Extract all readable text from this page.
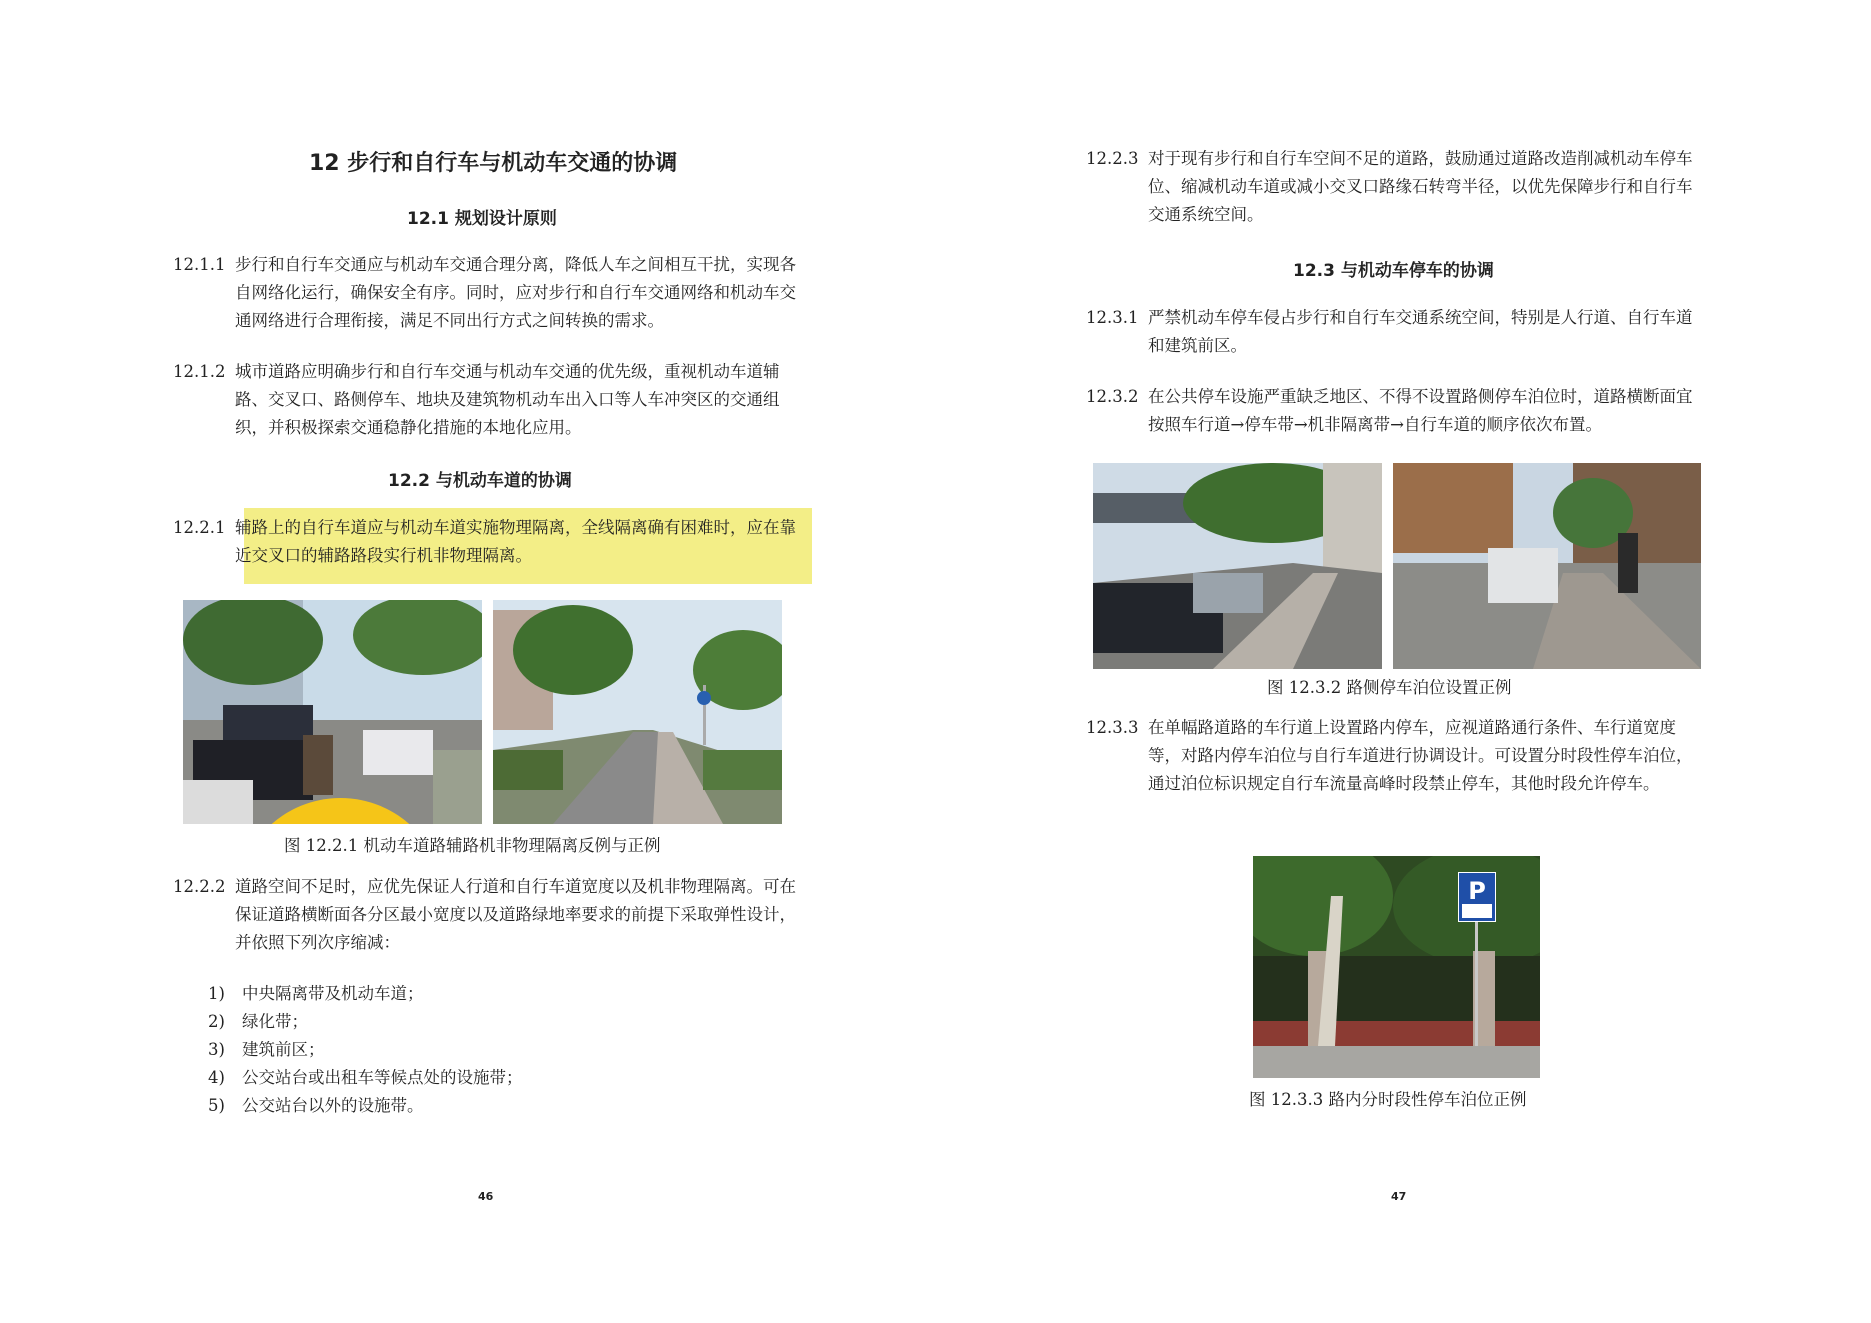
12 步行和自行车与机动车交通的协调
12.1 规划设计原则
12.1.1 步行和自行车交通应与机动车交通合理分离，降低人车之间相互干扰，实现各自网络化运行，确保安全有序。同时，应对步行和自行车交通网络和机动车交通网络进行合理衔接，满足不同出行方式之间转换的需求。
12.1.2 城市道路应明确步行和自行车交通与机动车交通的优先级，重视机动车道辅路、交叉口、路侧停车、地块及建筑物机动车出入口等人车冲突区的交通组织，并积极探索交通稳静化措施的本地化应用。
12.2 与机动车道的协调
12.2.1 辅路上的自行车道应与机动车道实施物理隔离，全线隔离确有困难时，应在靠近交叉口的辅路路段实行机非物理隔离。
图 12.2.1 机动车道路辅路机非物理隔离反例与正例
12.2.2 道路空间不足时，应优先保证人行道和自行车道宽度以及机非物理隔离。可在保证道路横断面各分区最小宽度以及道路绿地率要求的前提下采取弹性设计，并依照下列次序缩减：
1) 中央隔离带及机动车道；
2) 绿化带；
3) 建筑前区；
4) 公交站台或出租车等候点处的设施带；
5) 公交站台以外的设施带。
46
12.2.3 对于现有步行和自行车空间不足的道路，鼓励通过道路改造削减机动车停车位、缩减机动车道或减小交叉口路缘石转弯半径，以优先保障步行和自行车交通系统空间。
12.3 与机动车停车的协调
12.3.1 严禁机动车停车侵占步行和自行车交通系统空间，特别是人行道、自行车道和建筑前区。
12.3.2 在公共停车设施严重缺乏地区、不得不设置路侧停车泊位时，道路横断面宜按照车行道→停车带→机非隔离带→自行车道的顺序依次布置。
图 12.3.2 路侧停车泊位设置正例
12.3.3 在单幅路道路的车行道上设置路内停车，应视道路通行条件、车行道宽度等，对路内停车泊位与自行车道进行协调设计。可设置分时段性停车泊位，通过泊位标识规定自行车流量高峰时段禁止停车，其他时段允许停车。
P
图 12.3.3 路内分时段性停车泊位正例
47
